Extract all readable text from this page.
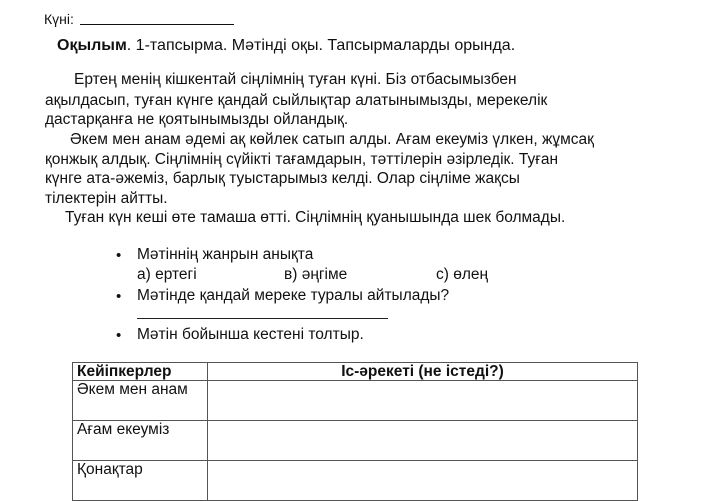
Күні:
Оқылым. 1-тапсырма. Мәтінді оқы. Тапсырмаларды орында.
Ертең менің кішкентай сіңлімнің туған күні. Біз отбасымызбен
ақылдасып, туған күнге қандай сыйлықтар алатынымызды, мерекелік
дастарқанға не қоятынымызды ойландық.
Әкем мен анам әдемі ақ көйлек сатып алды. Ағам екеуміз үлкен, жұмсақ
қонжық алдық. Сіңлімнің сүйікті тағамдарын, тәттілерін әзірледік. Туған
күнге ата-әжеміз, барлық туыстарымыз келді. Олар сіңліме жақсы
тілектерін айтты.
Туған күн кеші өте тамаша өтті. Сіңлімнің қуанышында шек болмады.
• Мәтіннің жанрын анықта
а) ертегі	в) әңгіме	с) өлең
• Мәтінде қандай мереке туралы айтылады?
• Мәтін бойынша кестені толтыр.
Кейіпкерлер	Іс-әрекеті (не істеді?)
Әкем мен анам	
Ағам екеуміз	
Қонақтар	
